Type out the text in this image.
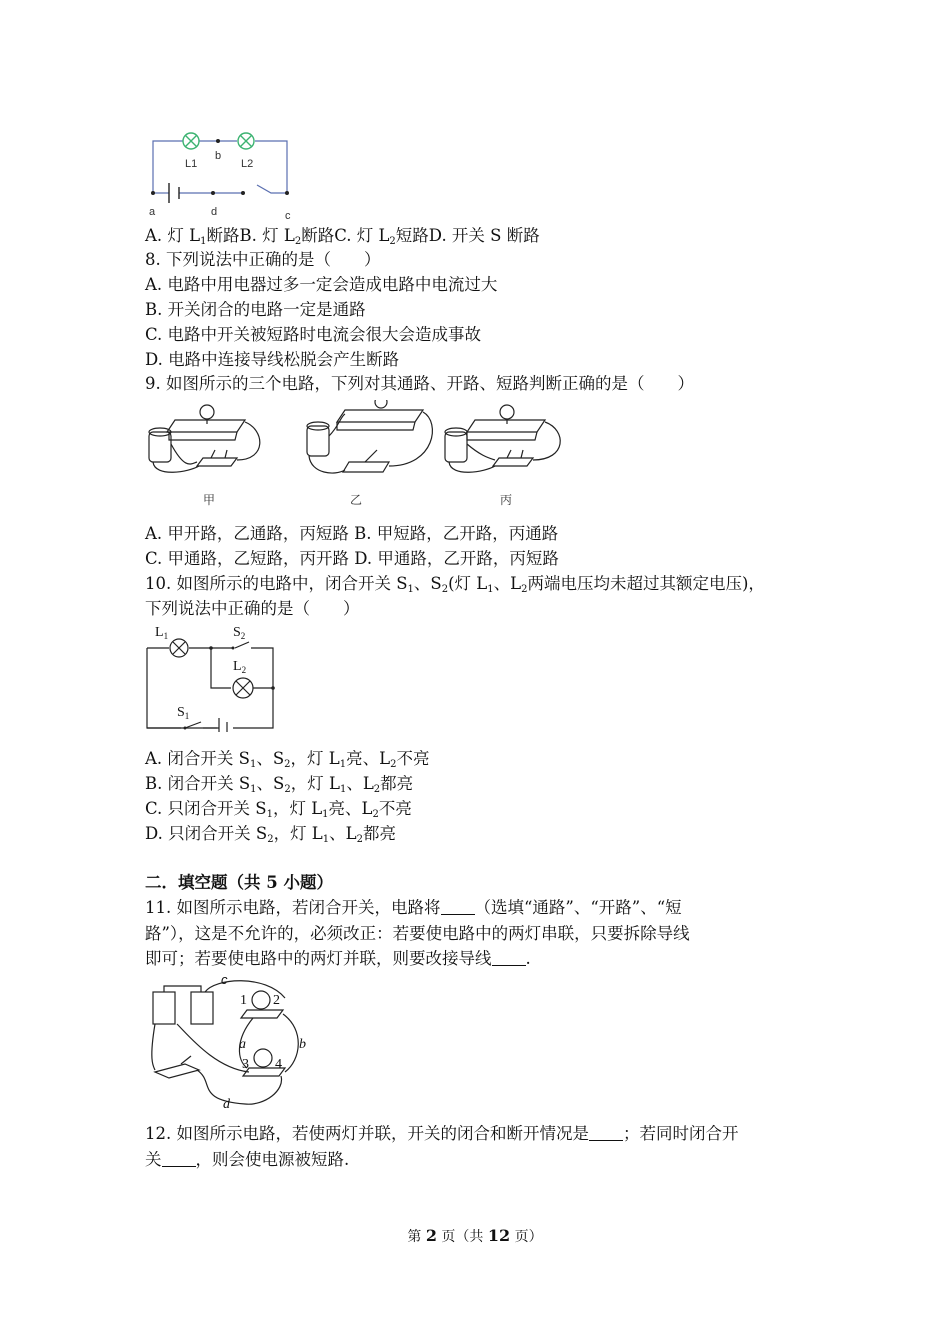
L1
b
L2
a	d	c
A. 灯 $L_1$断路B. 灯 $L_2$断路C. 灯 $L_2$短路D. 开关 S 断路
8. 下列说法中正确的是（　　）
A. 电路中用电器过多一定会造成电路中电流过大
B. 开关闭合的电路一定是通路
C. 电路中开关被短路时电流会很大会造成事故
D. 电路中连接导线松脱会产生断路
9. 如图所示的三个电路，下列对其通路、开路、短路判断正确的是（　　）
甲	乙	丙
A. 甲开路，乙通路，丙短路 B. 甲短路，乙开路，丙通路
C. 甲通路，乙短路，丙开路 D. 甲通路，乙开路，丙短路
10. 如图所示的电路中，闭合开关 $S_1$、$S_2$(灯 $L_1$、$L_2$两端电压均未超过其额定电压)，
下列说法中正确的是（　　）
$L_1$	$S_2$
$L_2$
$S_1$
A. 闭合开关 $S_1$、$S_2$，灯 $L_1$亮、$L_2$不亮
B. 闭合开关 $S_1$、$S_2$，灯 $L_1$、$L_2$都亮
C. 只闭合开关 $S_1$，灯 $L_1$亮、$L_2$不亮
D. 只闭合开关 $S_2$，灯 $L_1$、$L_2$都亮
二．填空题（共 5 小题）
11. 如图所示电路，若闭合开关，电路将 （选填“通路”、“开路”、“短
路”），这是不允许的，必须改正：若要使电路中的两灯串联，只要拆除导线
即可；若要使电路中的两灯并联，则要改接导线 .
c
1 2
a	b
3 4
d
12. 如图所示电路，若使两灯并联，开关的闭合和断开情况是 ；若同时闭合开
关 ，则会使电源被短路.
第 2 页（共 12 页）
